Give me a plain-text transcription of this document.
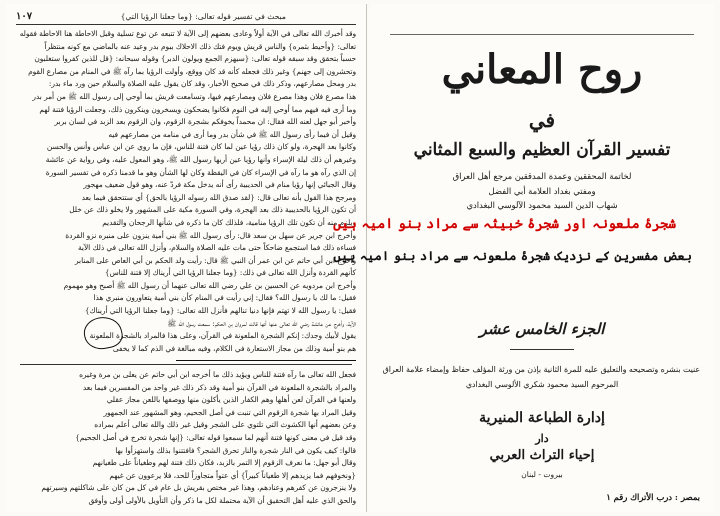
١٠٧	مبحث في تفسير قوله تعالى: {وما جعلنا الرؤيا التي}
وقد أخبرك الله تعالى في الآية أولاً وعادى بعضهم إلى الآية لا تتبعه عن توع تسلية وقبل الاحاطة هنا الاحاطة فقوله
تعالى: {وأحيط بثمره} والناس قريش ويوم فتك ذلك الاحلاك ببوم بدر وعيد عنه بالماضي مع كونه منتظراً
حسباً بتحقق وقد سبقه قوله تعالى: {سيهزم الجمع ويولون الدبر} وقوله سبحانه: {قل للذين كفروا ستغلبون
وتحشرون إلى جهنم} وغير ذلك فجعله كأنه قد كان ووقع، وأولت الرؤيا بما رآه ﷺ في المنام من مصارع القوم
بدر ومحل مصارعهم، وذكر ذلك في صحيح الأخبار، وقد كان يقول عليه الصلاة والسلام حين ورد ماء بدر:
هذا مصرع فلان وهذا مصرع فلان ومصارعهم فيها، وتسامعت قريش بما أوحي إلى رسول الله ﷺ من أمر بدر
وما أرى فيه فيهم مما أوحي إليه في النوم فكانوا يضحكون ويسخرون وينكرون ذلك، وجعلت الرؤيا فتنة لهم
وأخبر أبو جهل لعنه الله فقال: ان محمداً يخوفكم بشجرة الزقوم، وان الزقوم بعد الزبد في لسان بربر
وقيل أن فيما رأى رسول الله ﷺ في شأن بدر وما أرى في منامه من مصارعهم فيه
وكانوا بعد الهجرة، ولو كان ذلك رؤيا عين لما كان فتنة للناس، فإن ما روي عن ابن عباس وأنس والحسن
وغيرهم أن ذلك ليلة الإسراء وأنها رؤيا عين أريها رسول الله ﷺ، وهو المعول عليه، وفي رواية عن عائشة
إن الذي رآه هو ما رآه في الإسراء كان في اليقظة وكان لها الشأن وهو ما قدمنا ذكره في تفسير السورة
وقال الجبائي إنها رؤيا منام في الحديبية رأى أنه يدخل مكة فردّ عنه، وهو قول ضعيف مهجور
ومرجح هذا القول بأنه تعالى قال: {لقد صدق الله رسوله الرؤيا بالحق} أي ستتحقق فيما بعد
أن تكون الرؤيا بالحديبية ذلك بعد الهجرة، وفي السورة مكية على المشهور ولا يخلو ذلك عن خلل
ويلزم منه أن تكون تلك الرؤيا منامية، فلذلك كان ما ذكره في شأنها الرجحان والتقديم
وأخرج ابن جرير عن سهل بن سعد قال: رأى رسول الله ﷺ بني أمية ينزون على منبره نزو القردة
فساءه ذلك فما استجمع ضاحكاً حتى مات عليه الصلاة والسلام، وأنزل الله تعالى في ذلك الآية
وأخرج ابن أبي حاتم عن ابن عمر أن النبي ﷺ قال: رأيت ولد الحكم بن أبي العاص على المنابر
كأنهم القردة وأنزل الله تعالى في ذلك: {وما جعلنا الرؤيا التي أريناك إلا فتنة للناس}
وأخرج ابن مردويه عن الحسين بن علي رضي الله تعالى عنهما أن رسول الله ﷺ أصبح وهو مهموم
فقيل: ما لك يا رسول الله؟ فقال: إني رأيت في المنام كأن بني أمية يتعاورون منبري هذا
فقيل: يا رسول الله لا تهتم فإنها دنيا تنالهم فأنزل الله تعالى: {وما جعلنا الرؤيا التي أريناك}
الآية، وأخرج عن عائشة رضي الله تعالى عنها أنها قالت لمروان بن الحكم: سمعت رسول الله ﷺ
يقول لأبيك وجدك: إنكم الشجرة الملعونة في القرآن، وعلى هذا فالمراد بالشجرة الملعونة
هم بنو أمية وذلك من مجاز الاستعارة في الكلام، وفيه مبالغة في الذم كما لا يخفى
فجعل الله تعالى ما رآه فتنة للناس ويؤيد ذلك ما أخرجه ابن أبي حاتم عن يعلى بن مرة وغيره
والمراد بالشجرة الملعونة في القرآن بنو أمية وقد ذكر ذلك غير واحد من المفسرين فيما بعد
ولعنها في القرآن لعن أهلها وهم الكفار الذين يأكلون منها ووصفها باللعن مجاز عقلي
وقيل المراد بها شجرة الزقوم التي تنبت في أصل الجحيم، وهو المشهور عند الجمهور
وعن بعضهم أنها الكشوث التي تلتوي على الشجر وقيل غير ذلك والله تعالى أعلم بمراده
وقد قيل في معنى كونها فتنة أنهم لما سمعوا قوله تعالى: {إنها شجرة تخرج في أصل الجحيم}
قالوا: كيف يكون في النار شجرة والنار تحرق الشجر؟ فافتتنوا بذلك واستهزأوا بها
وقال أبو جهل: ما نعرف الزقوم إلا التمر بالزبد، فكان ذلك فتنة لهم وطغياناً على طغيانهم
{ونخوفهم فما يزيدهم إلا طغياناً كبيراً} أي عتواً متجاوزاً للحد، فلا يرعوون عن غيهم
ولا ينزجرون عن كفرهم وعنادهم، وهذا غير مختص بقريش بل عام في كل من كان على شاكلتهم وسيرتهم
والحق الذي عليه أهل التحقيق أن الآية محتملة لكل ما ذكر وأن التأويل بالأولى أولى وأوفق
روح المعاني
في
تفسير القرآن العظيم والسبع المثاني
لخاتمة المحققين وعمدة المدققين مرجع أهل العراق
ومفتي بغداد العلامة أبي الفضل
شهاب الدين السيد محمود الآلوسي البغدادي
شجرۂ ملعونہ اور شجرۂ خبیثہ سے مراد بنو امیہ ہیں
بعض مفسرین کے نزدیک شجرۂ ملعونہ سے مراد بنو امیہ ہیں
الجزء الخامس عشر
عنيت بنشره وتصحيحه والتعليق عليه للمرة الثانية بإذن من ورثة المؤلف حفاظ وإمضاء علامة العراق
المرحوم السيد محمود شكري الألوسي البغدادي
إدارة الطباعة المنيرية
دار
إحياء التراث العربي
بيروت - لبنان
بمصر : درب الأتراك رقم ١
